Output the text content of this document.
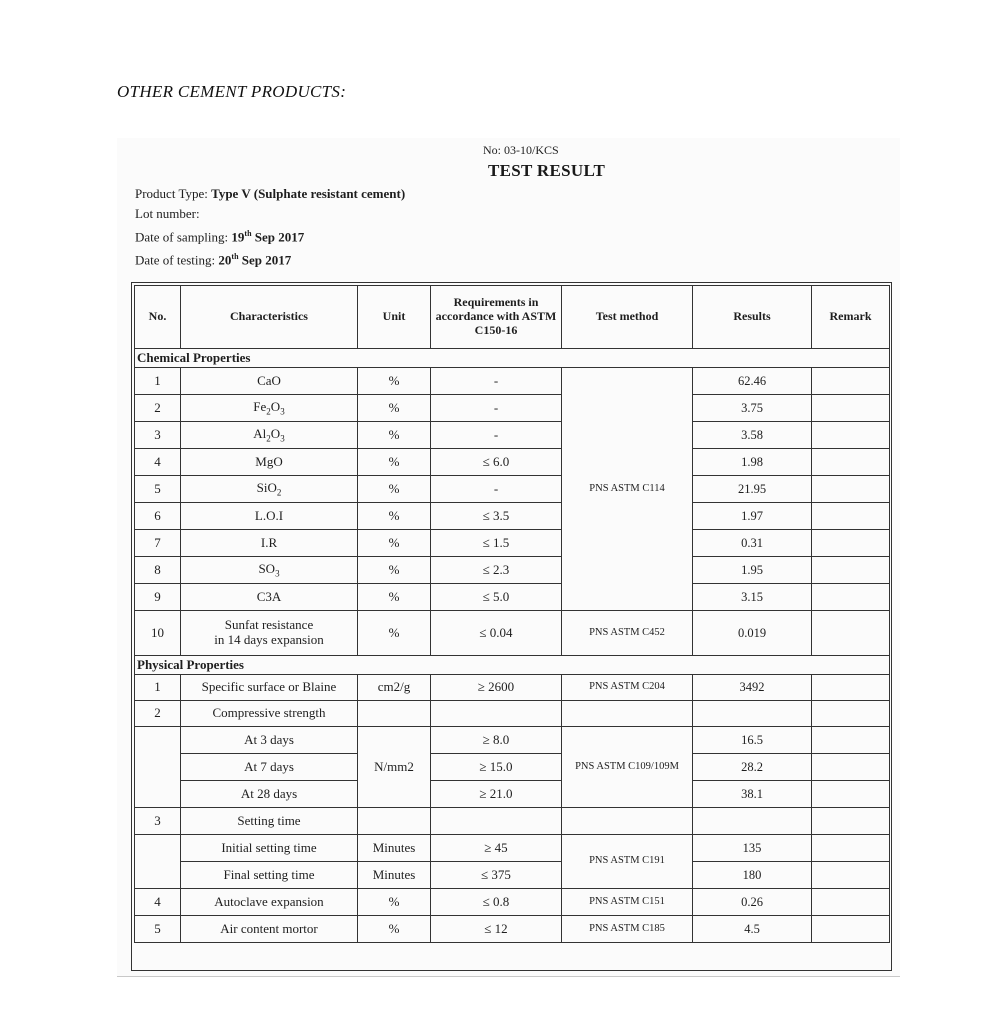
OTHER CEMENT PRODUCTS:
No: 03-10/KCS
TEST RESULT
Product Type: Type V (Sulphate resistant cement)
Lot number:
Date of sampling: 19th Sep 2017
Date of testing: 20th Sep 2017
No.	Characteristics	Unit	Requirements in accordance with ASTM C150-16	Test method	Results	Remark
Chemical Properties						
1	CaO	%	-	PNS ASTM C114	62.46	
2	$Fe_2O_3$	%	-		3.75	
3	$Al_2O_3$	%	-		3.58	
4	MgO	%	≤ 6.0		1.98	
5	SiO$_2$	%	-		21.95	
6	L.O.I	%	≤ 3.5		1.97	
7	I.R	%	≤ 1.5		0.31	
8	$SO_3$	%	≤ 2.3		1.95	
9	C3A	%	≤ 5.0		3.15	
10	Sunfat resistance
in 14 days expansion	%	≤ 0.04	PNS ASTM C452	0.019	
Physical Properties						
1	Specific surface or Blaine	cm2/g	≥ 2600	PNS ASTM C204	3492	
2	Compressive strength					
	At 3 days	N/mm2	≥ 8.0	PNS ASTM C109/109M	16.5	
	At 7 days		≥ 15.0		28.2	
	At 28 days		≥ 21.0		38.1	
3	Setting time					
	Initial setting time	Minutes	≥ 45	PNS ASTM C191	135	
	Final setting time	Minutes	≤ 375		180	
4	Autoclave expansion	%	≤ 0.8	PNS ASTM C151	0.26	
5	Air content mortor	%	≤ 12	PNS ASTM C185	4.5	
